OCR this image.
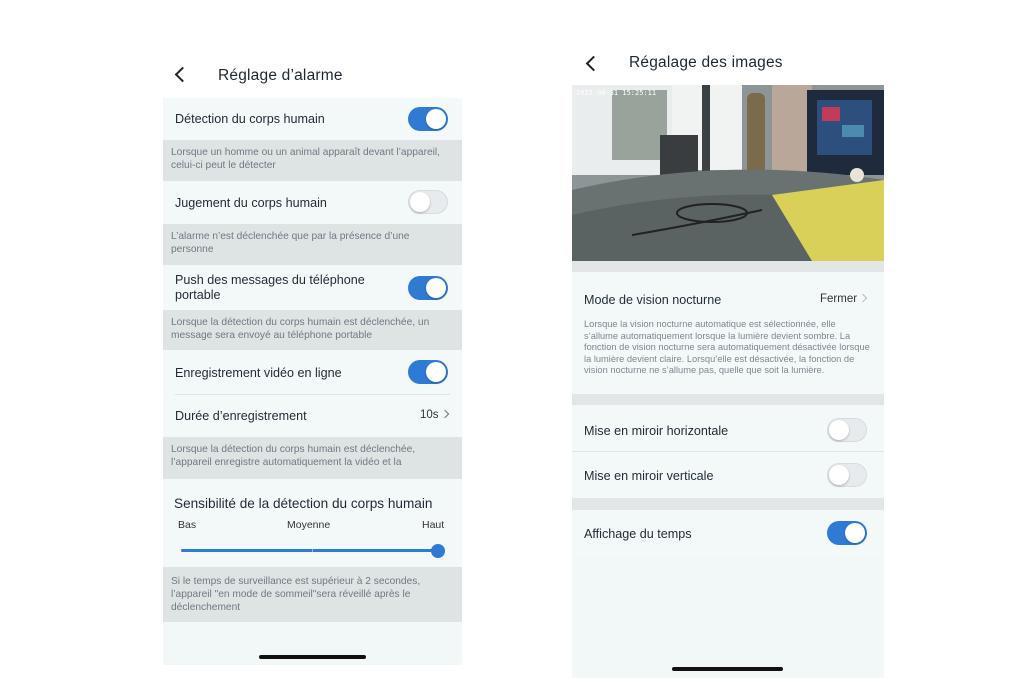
Réglage d’alarme
Détection du corps humain
Lorsque un homme ou un animal apparaît devant l’appareil, celui-ci peut le détecter
Jugement du corps humain
L’alarme n’est déclenchée que par la présence d’une personne
Push des messages du téléphone portable
Lorsque la détection du corps humain est déclenchée, un message sera envoyé au téléphone portable
Enregistrement vidéo en ligne
Durée d’enregistrement	10s
Lorsque la détection du corps humain est déclenchée, l’appareil enregistre automatiquement la vidéo et la
Sensibilité de la détection du corps humain
Bas	Moyenne	Haut
Si le temps de surveillance est supérieur à 2 secondes, l’appareil "en mode de sommeil"sera réveillé après le déclenchement
Régalage des images
2022-08-31 15:25:11
Mode de vision nocturne	Fermer
Lorsque la vision nocturne automatique est sélectionnée, elle s’allume automatiquement lorsque la lumière devient sombre. La fonction de vision nocturne sera automatiquement désactivée lorsque la lumière devient claire. Lorsqu’elle est désactivée, la fonction de vision nocturne ne s’allume pas, quelle que soit la lumière.
Mise en miroir horizontale
Mise en miroir verticale
Affichage du temps
